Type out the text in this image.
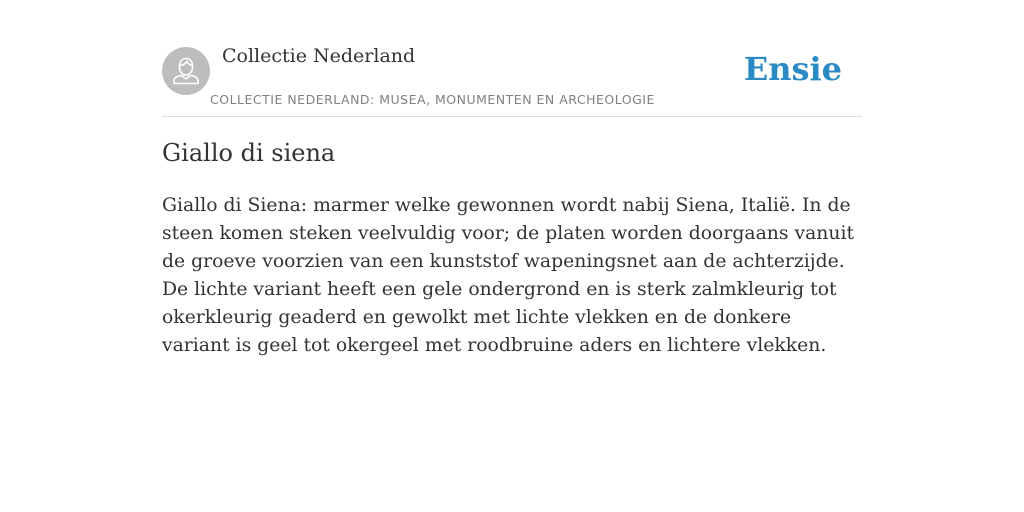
Collectie Nederland
COLLECTIE NEDERLAND: MUSEA, MONUMENTEN EN ARCHEOLOGIE
Ensie
Giallo di siena

Giallo di Siena: marmer welke gewonnen wordt nabij Siena, Italië. In de steen komen steken veelvuldig voor; de platen worden doorgaans vanuit de groeve voorzien van een kunststof wapeningsnet aan de achterzijde. De lichte variant heeft een gele ondergrond en is sterk zalmkleurig tot okerkleurig geaderd en gewolkt met lichte vlekken en de donkere variant is geel tot okergeel met roodbruine aders en lichtere vlekken.
